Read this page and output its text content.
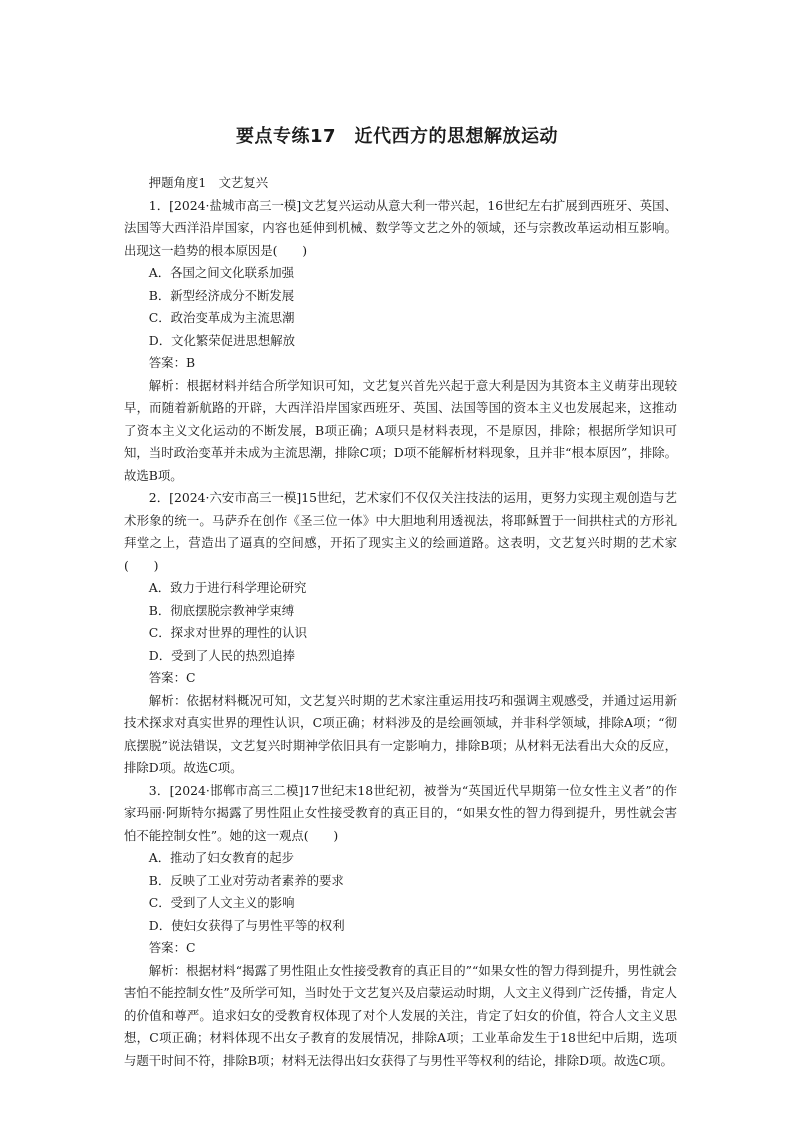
要点专练17　近代西方的思想解放运动

押题角度1　文艺复兴

1．[2024·盐城市高三一模]文艺复兴运动从意大利一带兴起，16世纪左右扩展到西班牙、英国、法国等大西洋沿岸国家，内容也延伸到机械、数学等文艺之外的领域，还与宗教改革运动相互影响。出现这一趋势的根本原因是(　　)

A．各国之间文化联系加强

B．新型经济成分不断发展

C．政治变革成为主流思潮

D．文化繁荣促进思想解放

答案：B

解析：根据材料并结合所学知识可知，文艺复兴首先兴起于意大利是因为其资本主义萌芽出现较早，而随着新航路的开辟，大西洋沿岸国家西班牙、英国、法国等国的资本主义也发展起来，这推动了资本主义文化运动的不断发展，B项正确；A项只是材料表现，不是原因，排除；根据所学知识可知，当时政治变革并未成为主流思潮，排除C项；D项不能解析材料现象，且并非“根本原因”，排除。故选B项。

2．[2024·六安市高三一模]15世纪，艺术家们不仅仅关注技法的运用，更努力实现主观创造与艺术形象的统一。马萨乔在创作《圣三位一体》中大胆地利用透视法，将耶稣置于一间拱柱式的方形礼拜堂之上，营造出了逼真的空间感，开拓了现实主义的绘画道路。这表明，文艺复兴时期的艺术家(　　)

A．致力于进行科学理论研究

B．彻底摆脱宗教神学束缚

C．探求对世界的理性的认识

D．受到了人民的热烈追捧

答案：C

解析：依据材料概况可知，文艺复兴时期的艺术家注重运用技巧和强调主观感受，并通过运用新技术探求对真实世界的理性认识，C项正确；材料涉及的是绘画领域，并非科学领域，排除A项；“彻底摆脱”说法错误，文艺复兴时期神学依旧具有一定影响力，排除B项；从材料无法看出大众的反应，排除D项。故选C项。

3．[2024·邯郸市高三二模]17世纪末18世纪初，被誉为“英国近代早期第一位女性主义者”的作家玛丽·阿斯特尔揭露了男性阻止女性接受教育的真正目的，“如果女性的智力得到提升，男性就会害怕不能控制女性”。她的这一观点(　　)

A．推动了妇女教育的起步

B．反映了工业对劳动者素养的要求

C．受到了人文主义的影响

D．使妇女获得了与男性平等的权利

答案：C

解析：根据材料“揭露了男性阻止女性接受教育的真正目的”“如果女性的智力得到提升，男性就会害怕不能控制女性”及所学可知，当时处于文艺复兴及启蒙运动时期，人文主义得到广泛传播，肯定人的价值和尊严。追求妇女的受教育权体现了对个人发展的关注，肯定了妇女的价值，符合人文主义思想，C项正确；材料体现不出女子教育的发展情况，排除A项；工业革命发生于18世纪中后期，选项与题干时间不符，排除B项；材料无法得出妇女获得了与男性平等权利的结论，排除D项。故选C项。
